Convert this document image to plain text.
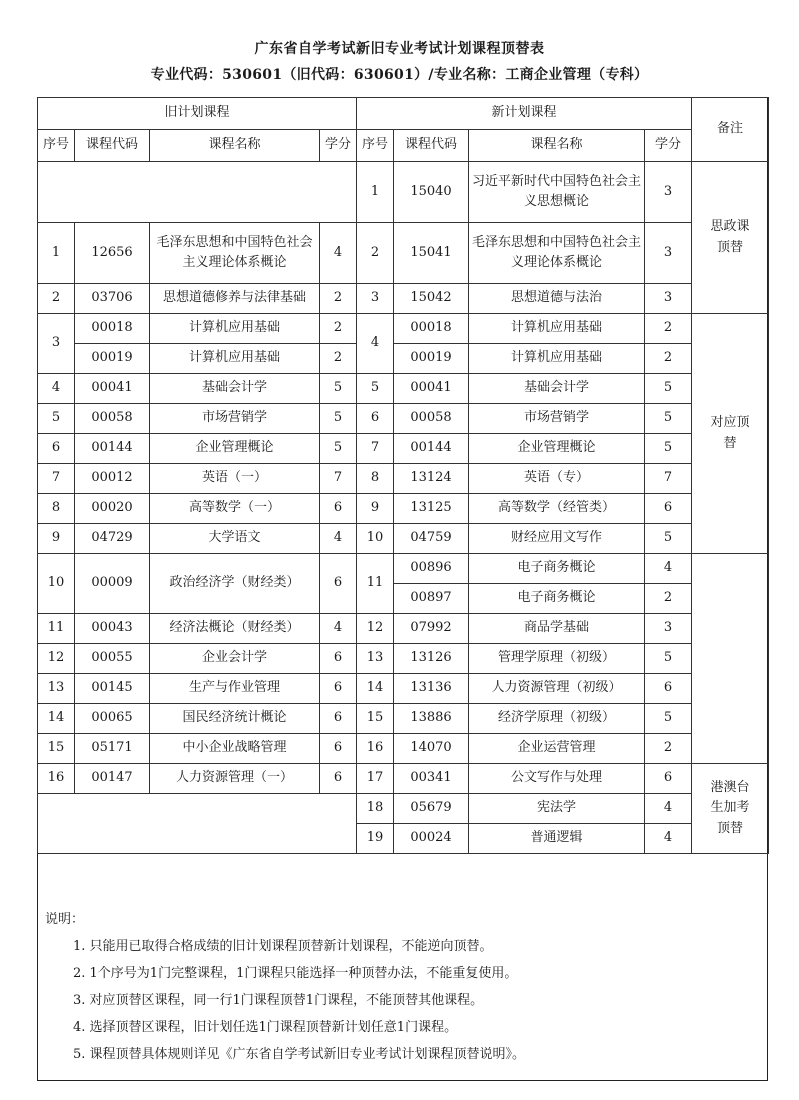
广东省自学考试新旧专业考试计划课程顶替表
专业代码：530601（旧代码：630601）/专业名称：工商企业管理（专科）
旧计划课程				新计划课程				备注	
序号	课程代码	课程名称	学分	序号	课程代码	课程名称	学分		
				1	15040	习近平新时代中国特色社会主义思想概论	3	思政课顶替	
1	12656	毛泽东思想和中国特色社会主义理论体系概论	4	2	15041	毛泽东思想和中国特色社会主义理论体系概论	3		
2	03706	思想道德修养与法律基础	2	3	15042	思想道德与法治	3		
3	00018	计算机应用基础	2	4	00018	计算机应用基础	2	对应顶替	
	00019	计算机应用基础	2		00019	计算机应用基础	2		
4	00041	基础会计学	5	5	00041	基础会计学	5		
5	00058	市场营销学	5	6	00058	市场营销学	5		
6	00144	企业管理概论	5	7	00144	企业管理概论	5		
7	00012	英语（一）	7	8	13124	英语（专）	7		
8	00020	高等数学（一）	6	9	13125	高等数学（经管类）	6		
9	04729	大学语文	4	10	04759	财经应用文写作	5	
10	00009	政治经济学（财经类）	6	11	00896	电子商务概论	4		
					00897	电子商务概论	2		
11	00043	经济法概论（财经类）	4	12	07992	商品学基础	3		
12	00055	企业会计学	6	13	13126	管理学原理（初级）	5		
13	00145	生产与作业管理	6	14	13136	人力资源管理（初级）	6		
14	00065	国民经济统计概论	6	15	13886	经济学原理（初级）	5		
15	05171	中小企业战略管理	6	16	14070	企业运营管理	2		
16	00147	人力资源管理（一）	6	17	00341	公文写作与处理	6	港澳台生加考顶替	
				18	05679	宪法学	4		
				19	00024	普通逻辑	4		
说明：
1. 只能用已取得合格成绩的旧计划课程顶替新计划课程，不能逆向顶替。
2. 1个序号为1门完整课程，1门课程只能选择一种顶替办法，不能重复使用。
3. 对应顶替区课程，同一行1门课程顶替1门课程，不能顶替其他课程。
4. 选择顶替区课程，旧计划任选1门课程顶替新计划任意1门课程。
5. 课程顶替具体规则详见《广东省自学考试新旧专业考试计划课程顶替说明》。
